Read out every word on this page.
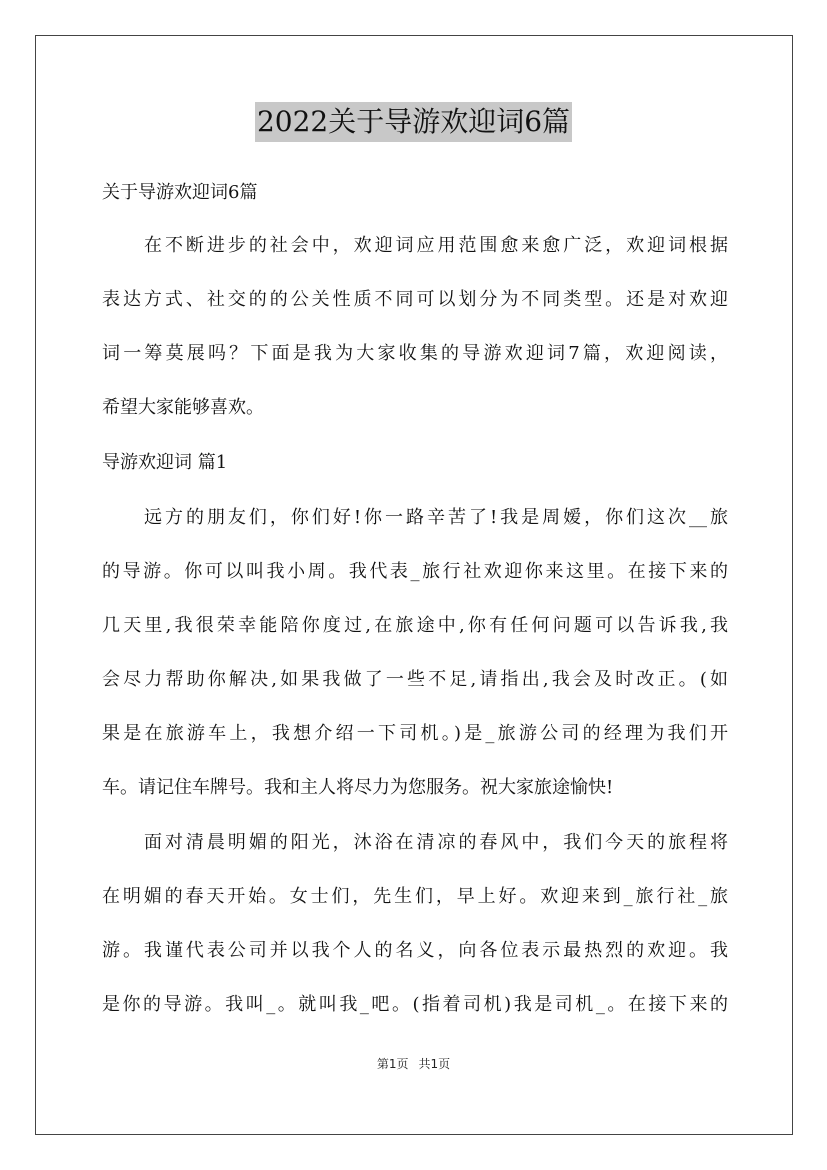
2022关于导游欢迎词6篇
关于导游欢迎词6篇
在不断进步的社会中，欢迎词应用范围愈来愈广泛，欢迎词根据
表达方式、社交的的公关性质不同可以划分为不同类型。还是对欢迎
词一筹莫展吗？下面是我为大家收集的导游欢迎词7篇，欢迎阅读，
希望大家能够喜欢。
导游欢迎词 篇1
远方的朋友们，你们好!你一路辛苦了!我是周嫒，你们这次__旅
的导游。你可以叫我小周。我代表_旅行社欢迎你来这里。在接下来的
几天里,我很荣幸能陪你度过,在旅途中,你有任何问题可以告诉我,我
会尽力帮助你解决,如果我做了一些不足,请指出,我会及时改正。(如
果是在旅游车上，我想介绍一下司机。)是_旅游公司的经理为我们开
车。请记住车牌号。我和主人将尽力为您服务。祝大家旅途愉快!
面对清晨明媚的阳光，沐浴在清凉的春风中，我们今天的旅程将
在明媚的春天开始。女士们，先生们，早上好。欢迎来到_旅行社_旅
游。我谨代表公司并以我个人的名义，向各位表示最热烈的欢迎。我
是你的导游。我叫_。就叫我_吧。(指着司机)我是司机_。在接下来的
第1页 共1页
